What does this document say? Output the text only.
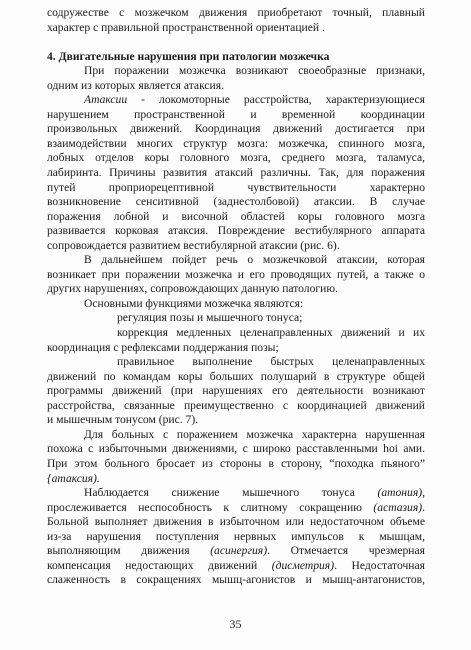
содружестве с мозжечком движения приобретают точный, плавный
характер с правильной пространственной ориентацией .

4. Двигательные нарушения при патологии мозжечка
При поражении мозжечка возникают своеобразные признаки,
одним из которых является атаксия.
Атаксии - локомоторные расстройства, характеризующиеся
нарушением пространственной и временной координации
произвольных движений. Координация движений достигается при
взаимодействии многих структур мозга: мозжечка, спинного мозга,
лобных отделов коры головного мозга, среднего мозга, таламуса,
лабиринта. Причины развития атаксий различны. Так, для поражения
путей проприорецептивной чувствительности характерно
возникновение сенситивной (заднестолбовой) атаксии. В случае
поражения лобной и височной областей коры головного мозга
развивается корковая атаксия. Повреждение вестибулярного аппарата
сопровождается развитием вестибулярной атаксии (рис. 6).
В дальнейшем пойдет речь о мозжечковой атаксии, которая
возникает при поражении мозжечка и его проводящих путей, а также о
других нарушениях, сопровождающих данную патологию.
Основными функциями мозжечка являются:
регуляция позы и мышечного тонуса;
коррекция медленных целенаправленных движений и их
координация с рефлексами поддержания позы;
правильное выполнение быстрых целенаправленных
движений по командам коры больших полушарий в структуре общей
программы движений (при нарушениях его деятельности возникают
расстройства, связанные преимущественно с координацией движений
и мышечным тонусом (рис. 7).
Для больных с поражением мозжечка характерна нарушенная
похожа с избыточными движениями, с широко расставленными hoi ами.
При этом больного бросает из стороны в сторону, “походка пьяного”
{атаксия).
Наблюдается снижение мышечного тонуса (атония),
прослеживается неспособность к слитному сокращению (астазия).
Больной выполняет движения в избыточном или недостаточном объеме
из-за нарушения поступления нервных импульсов к мышцам,
выполняющим движения (асинергия). Отмечается чрезмерная
компенсация недостающих движений (дисметрия). Недостаточная
слаженность в сокращениях мышц-агонистов и мышц-антагонистов,
35
